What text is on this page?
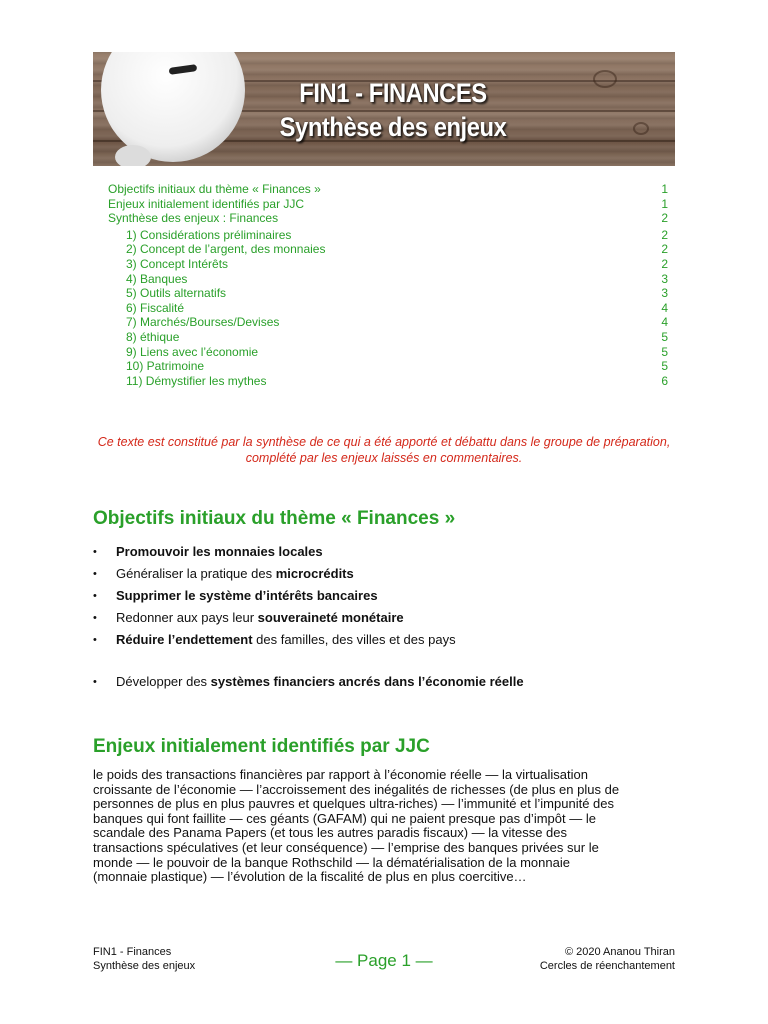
FIN1 - FINANCES
Synthèse des enjeux
Objectifs initiaux du thème « Finances »	1
Enjeux initialement identifiés par JJC	1
Synthèse des enjeux : Finances	2
1) Considérations préliminaires	2
2) Concept de l’argent, des monnaies	2
3) Concept Intérêts	2
4) Banques	3
5) Outils alternatifs	3
6) Fiscalité	4
7) Marchés/Bourses/Devises	4
8) éthique	5
9) Liens avec l’économie	5
10) Patrimoine	5
11) Démystifier les mythes	6
Ce texte est constitué par la synthèse de ce qui a été apporté et débattu dans le groupe de préparation, complété par les enjeux laissés en commentaires.
Objectifs initiaux du thème « Finances »
• Promouvoir les monnaies locales
• Généraliser la pratique des microcrédits
• Supprimer le système d’intérêts bancaires
• Redonner aux pays leur souveraineté monétaire
• Réduire l’endettement des familles, des villes et des pays
• Développer des systèmes financiers ancrés dans l’économie réelle
Enjeux initialement identifiés par JJC
le poids des transactions financières par rapport à l’économie réelle — la virtualisation
croissante de l’économie — l’accroissement des inégalités de richesses (de plus en plus de
personnes de plus en plus pauvres et quelques ultra-riches) — l’immunité et l’impunité des
banques qui font faillite — ces géants (GAFAM) qui ne paient presque pas d’impôt — le
scandale des Panama Papers (et tous les autres paradis fiscaux) — la vitesse des
transactions spéculatives (et leur conséquence) — l’emprise des banques privées sur le
monde — le pouvoir de la banque Rothschild — la dématérialisation de la monnaie
(monnaie plastique) — l’évolution de la fiscalité de plus en plus coercitive…
FIN1 - Finances
Synthèse des enjeux	— Page 1 —	© 2020 Ananou Thiran
Cercles de réenchantement
